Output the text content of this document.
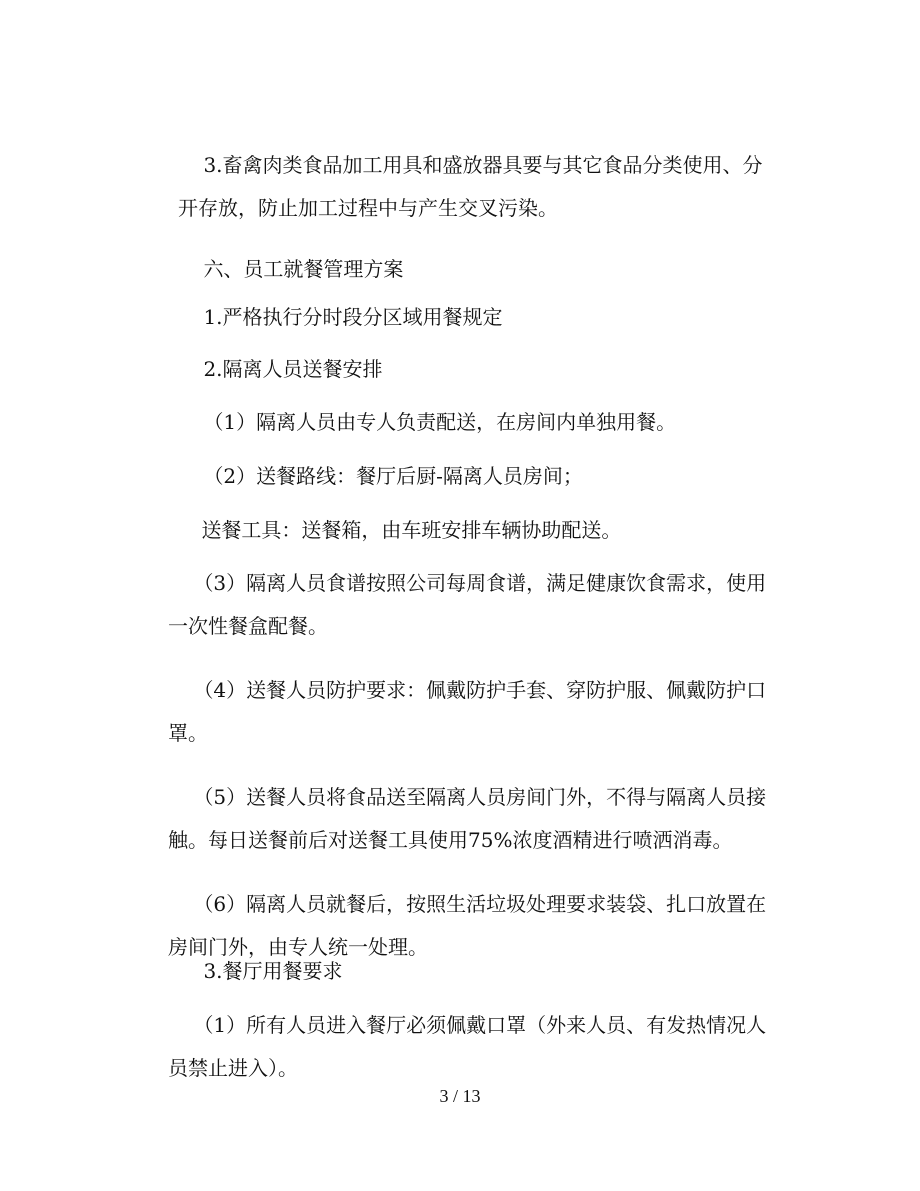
3.畜禽肉类食品加工用具和盛放器具要与其它食品分类使用、分开存放，防止加工过程中与产生交叉污染。

六、员工就餐管理方案

1.严格执行分时段分区域用餐规定

2.隔离人员送餐安排

（1）隔离人员由专人负责配送，在房间内单独用餐。

（2）送餐路线：餐厅后厨-隔离人员房间；

送餐工具：送餐箱，由车班安排车辆协助配送。

（3）隔离人员食谱按照公司每周食谱，满足健康饮食需求，使用一次性餐盒配餐。

（4）送餐人员防护要求：佩戴防护手套、穿防护服、佩戴防护口罩。

（5）送餐人员将食品送至隔离人员房间门外，不得与隔离人员接触。每日送餐前后对送餐工具使用75%浓度酒精进行喷洒消毒。

（6）隔离人员就餐后，按照生活垃圾处理要求装袋、扎口放置在房间门外，由专人统一处理。

3.餐厅用餐要求

（1）所有人员进入餐厅必须佩戴口罩（外来人员、有发热情况人员禁止进入）。

3 / 13
